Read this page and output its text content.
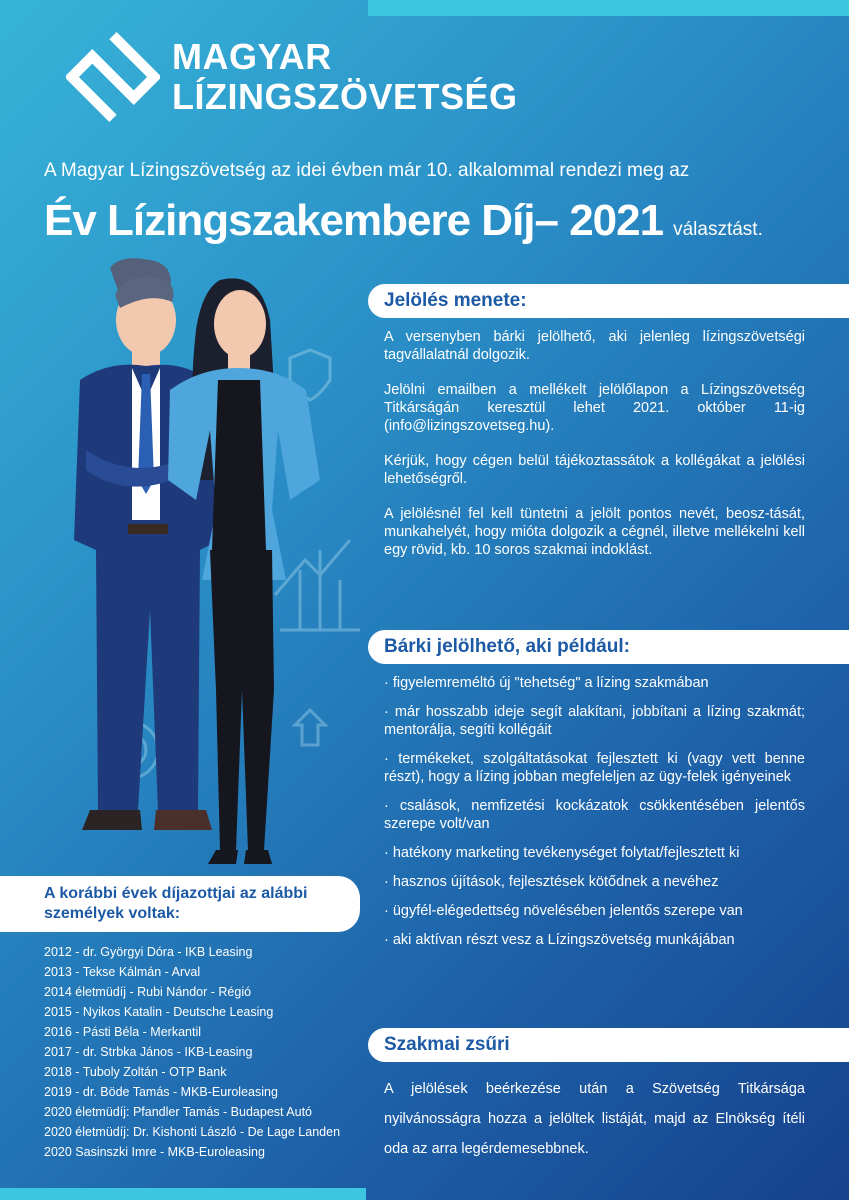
MAGYAR
LÍZINGSZÖVETSÉG
A Magyar Lízingszövetség az idei évben már 10. alkalommal rendezi meg az
Év Lízingszakembere Díj– 2021 választást.
Jelölés menete:

A versenyben bárki jelölhető, aki jelenleg lízingszövetségi tagvállalatnál dolgozik.

Jelölni emailben a mellékelt jelölőlapon a Lízingszövetség Titkárságán keresztül lehet 2021. október 11-ig (info@lizingszovetseg.hu).

Kérjük, hogy cégen belül tájékoztassátok a kollégákat a jelölési lehetőségről.

A jelölésnél fel kell tüntetni a jelölt pontos nevét, beosz-tását, munkahelyét, hogy mióta dolgozik a cégnél, illetve mellékelni kell egy rövid, kb. 10 soros szakmai indoklást.

Bárki jelölhető, aki például:
· figyelemreméltó új "tehetség" a lízing szakmában
· már hosszabb ideje segít alakítani, jobbítani a lízing szakmát; mentorálja, segíti kollégáit
· termékeket, szolgáltatásokat fejlesztett ki (vagy vett benne részt), hogy a lízing jobban megfeleljen az ügy-felek igényeinek
· csalások, nemfizetési kockázatok csökkentésében jelentős szerepe volt/van
· hatékony marketing tevékenységet folytat/fejlesztett ki
· hasznos újítások, fejlesztések kötődnek a nevéhez
· ügyfél-elégedettség növelésében jelentős szerepe van
· aki aktívan részt vesz a Lízingszövetség munkájában
Szakmai zsűri
A jelölések beérkezése után a Szövetség Titkársága nyilvánosságra hozza a jelöltek listáját, majd az Elnökség ítéli oda az arra legérdemesebbnek.
A korábbi évek díjazottjai az alábbi
személyek voltak:
2012 - dr. Györgyi Dóra - IKB Leasing
2013 - Tekse Kálmán - Arval
2014 életmüdíj - Rubi Nándor - Régió
2015 - Nyikos Katalin - Deutsche Leasing
2016 - Pásti Béla - Merkantil
2017 - dr. Strbka János - IKB-Leasing
2018 - Tuboly Zoltán - OTP Bank
2019 - dr. Böde Tamás - MKB-Euroleasing
2020 életmüdíj: Pfandler Tamás - Budapest Autó
2020 életmüdíj: Dr. Kishonti László - De Lage Landen
2020 Sasinszki Imre - MKB-Euroleasing
